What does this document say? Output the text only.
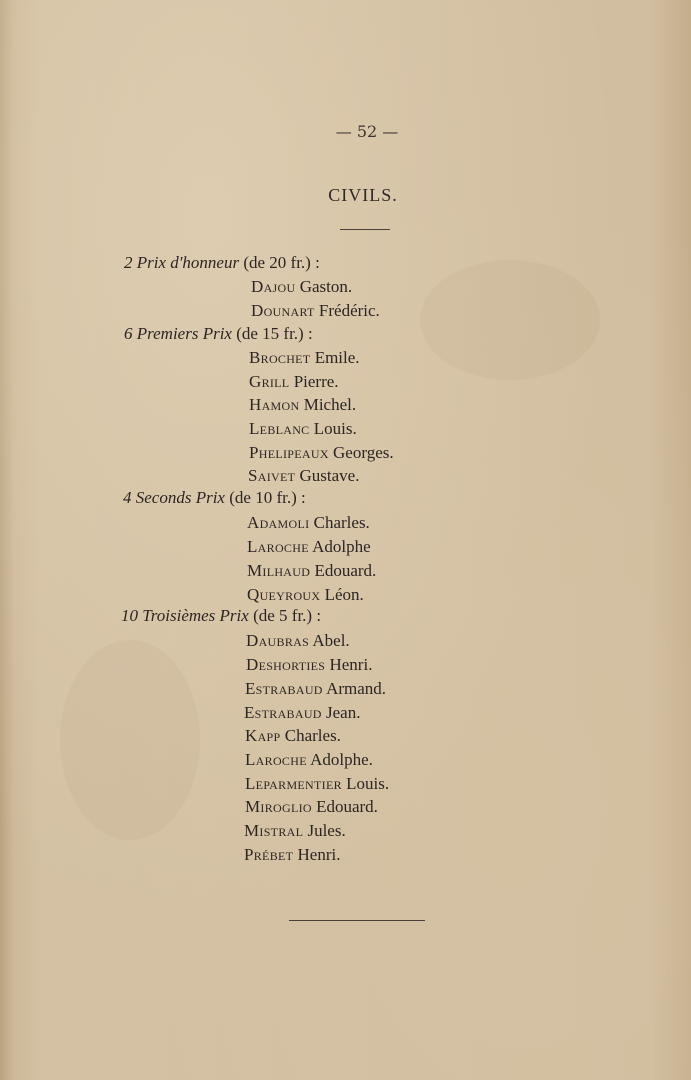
— 52 —
CIVILS.
2 Prix d'honneur (de 20 fr.) :
Dajou Gaston.
Dounart Frédéric.
6 Premiers Prix (de 15 fr.) :
Brochet Emile.
Grill Pierre.
Hamon Michel.
Leblanc Louis.
Phelipeaux Georges.
Saivet Gustave.
4 Seconds Prix (de 10 fr.) :
Adamoli Charles.
Laroche Adolphe
Milhaud Edouard.
Queyroux Léon.
10 Troisièmes Prix (de 5 fr.) :
Daubras Abel.
Deshorties Henri.
Estrabaud Armand.
Estrabaud Jean.
Kapp Charles.
Laroche Adolphe.
Leparmentier Louis.
Miroglio Edouard.
Mistral Jules.
Prébet Henri.
